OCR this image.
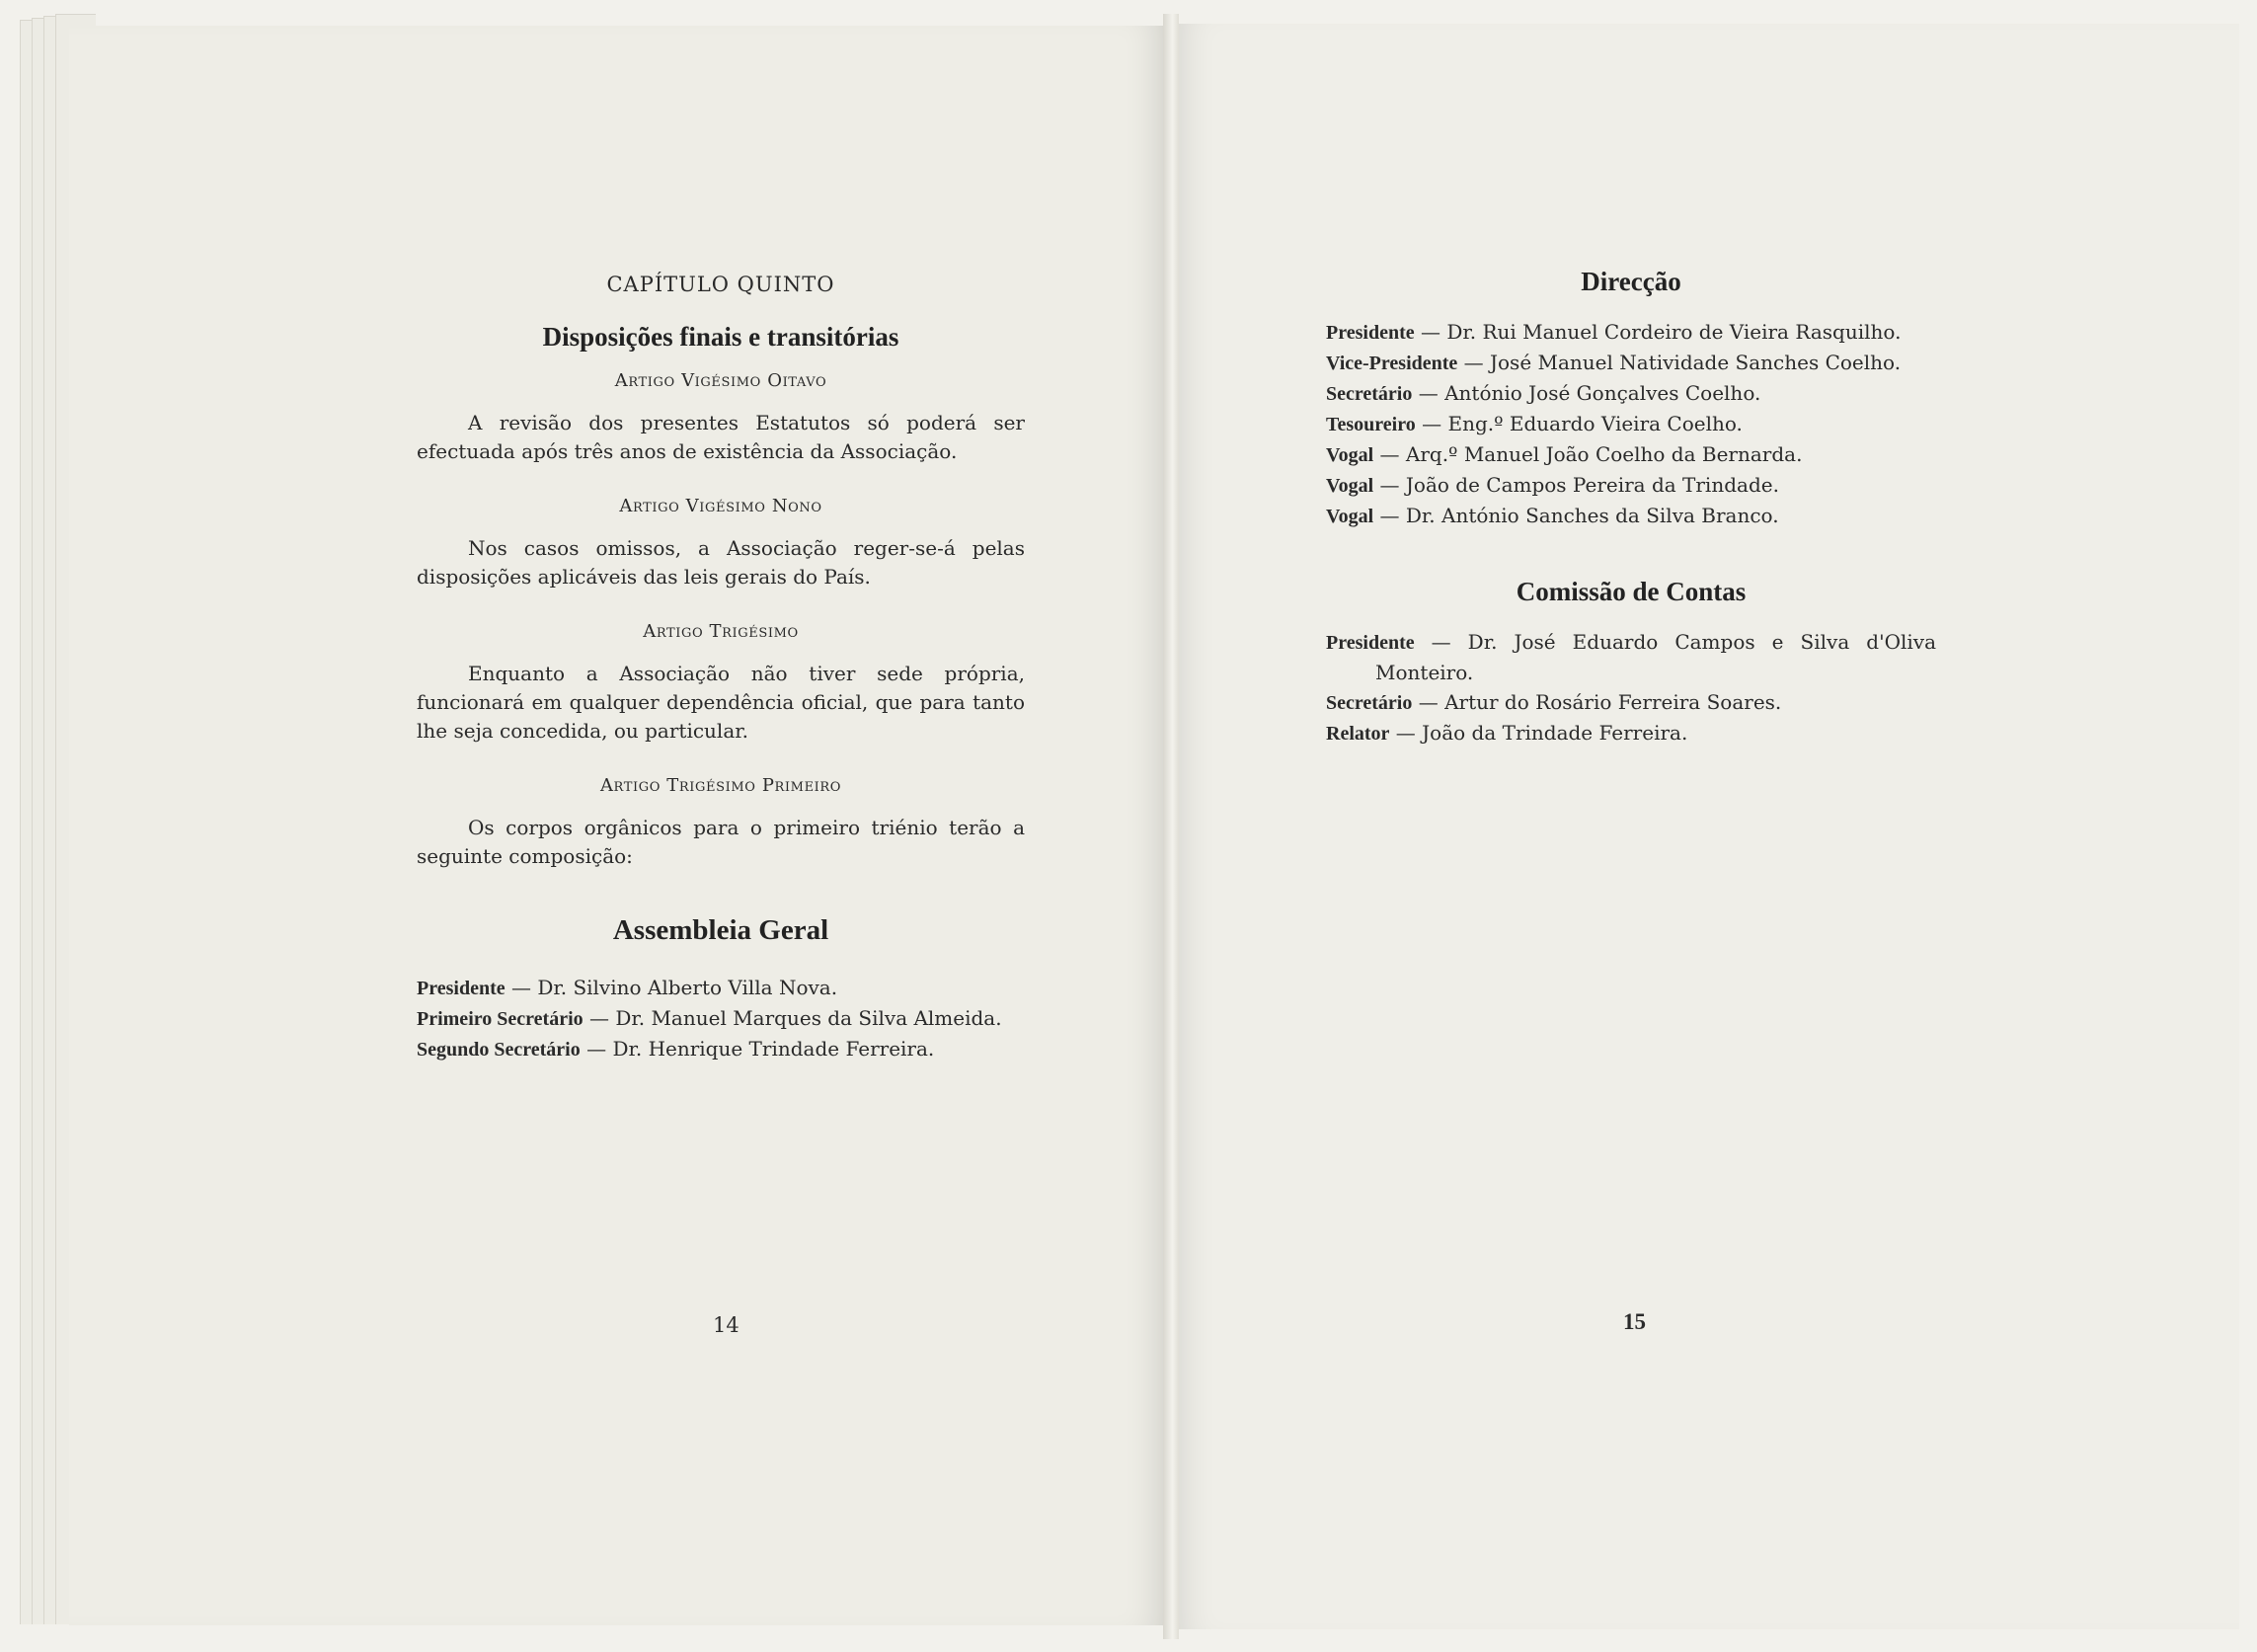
CAPÍTULO QUINTO

Disposições finais e transitórias

Artigo Vigésimo Oitavo

A revisão dos presentes Estatutos só poderá ser efectuada após três anos de existência da Associação.

Artigo Vigésimo Nono

Nos casos omissos, a Associação reger-se-á pelas disposições aplicáveis das leis gerais do País.

Artigo Trigésimo

Enquanto a Associação não tiver sede própria, funcionará em qualquer dependência oficial, que para tanto lhe seja concedida, ou particular.

Artigo Trigésimo Primeiro

Os corpos orgânicos para o primeiro triénio terão a seguinte composição:

Assembleia Geral
Presidente — Dr. Silvino Alberto Villa Nova.
Primeiro Secretário — Dr. Manuel Marques da Silva Almeida.
Segundo Secretário — Dr. Henrique Trindade Ferreira.
14
Direcção
Presidente — Dr. Rui Manuel Cordeiro de Vieira Rasquilho.
Vice-Presidente — José Manuel Natividade Sanches Coelho.
Secretário — António José Gonçalves Coelho.
Tesoureiro — Eng.º Eduardo Vieira Coelho.
Vogal — Arq.º Manuel João Coelho da Bernarda.
Vogal — João de Campos Pereira da Trindade.
Vogal — Dr. António Sanches da Silva Branco.
Comissão de Contas
Presidente — Dr. José Eduardo Campos e Silva d'Oliva Monteiro.
Secretário — Artur do Rosário Ferreira Soares.
Relator — João da Trindade Ferreira.
15
